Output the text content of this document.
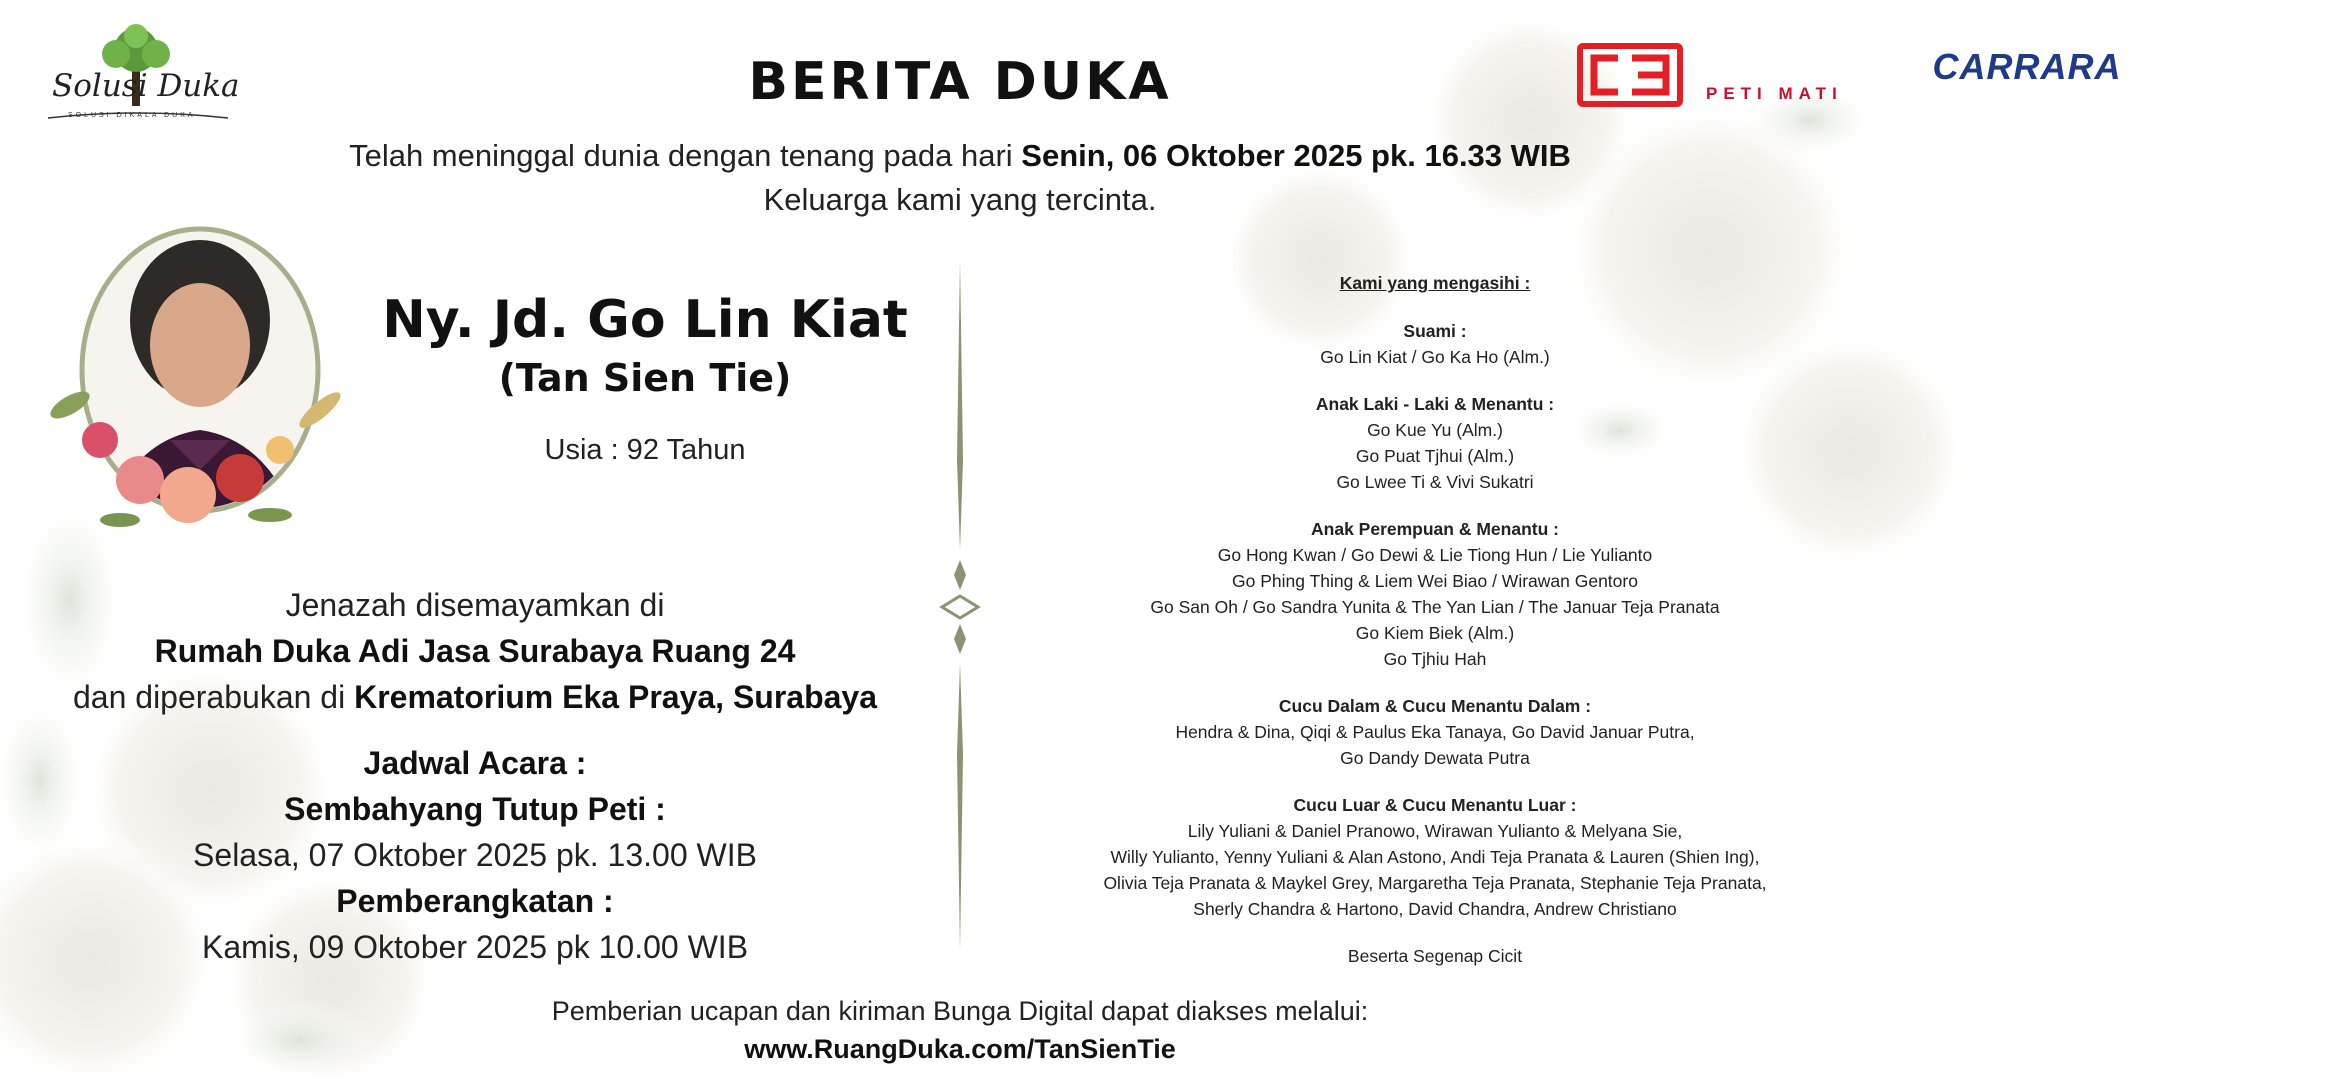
Solusi Duka
SOLUSI DIKALA DUKA
CARRARA
PETI MATI
BERITA DUKA
Telah meninggal dunia dengan tenang pada hari Senin, 06 Oktober 2025 pk. 16.33 WIB
Keluarga kami yang tercinta.
Ny. Jd. Go Lin Kiat
(Tan Sien Tie)
Usia : 92 Tahun
Jenazah disemayamkan di
Rumah Duka Adi Jasa Surabaya Ruang 24
dan diperabukan di Krematorium Eka Praya, Surabaya
Jadwal Acara :
Sembahyang Tutup Peti :
Selasa, 07 Oktober 2025 pk. 13.00 WIB
Pemberangkatan :
Kamis, 09 Oktober 2025 pk 10.00 WIB
Kami yang mengasihi :
Suami :
Go Lin Kiat / Go Ka Ho (Alm.)
Anak Laki - Laki & Menantu :
Go Kue Yu (Alm.)
Go Puat Tjhui (Alm.)
Go Lwee Ti & Vivi Sukatri
Anak Perempuan & Menantu :
Go Hong Kwan / Go Dewi & Lie Tiong Hun / Lie Yulianto
Go Phing Thing & Liem Wei Biao / Wirawan Gentoro
Go San Oh / Go Sandra Yunita & The Yan Lian / The Januar Teja Pranata
Go Kiem Biek (Alm.)
Go Tjhiu Hah
Cucu Dalam & Cucu Menantu Dalam :
Hendra & Dina, Qiqi & Paulus Eka Tanaya, Go David Januar Putra,
Go Dandy Dewata Putra
Cucu Luar & Cucu Menantu Luar :
Lily Yuliani & Daniel Pranowo, Wirawan Yulianto & Melyana Sie,
Willy Yulianto, Yenny Yuliani & Alan Astono, Andi Teja Pranata & Lauren (Shien Ing),
Olivia Teja Pranata & Maykel Grey, Margaretha Teja Pranata, Stephanie Teja Pranata,
Sherly Chandra & Hartono, David Chandra, Andrew Christiano
Beserta Segenap Cicit
Pemberian ucapan dan kiriman Bunga Digital dapat diakses melalui:
www.RuangDuka.com/TanSienTie
